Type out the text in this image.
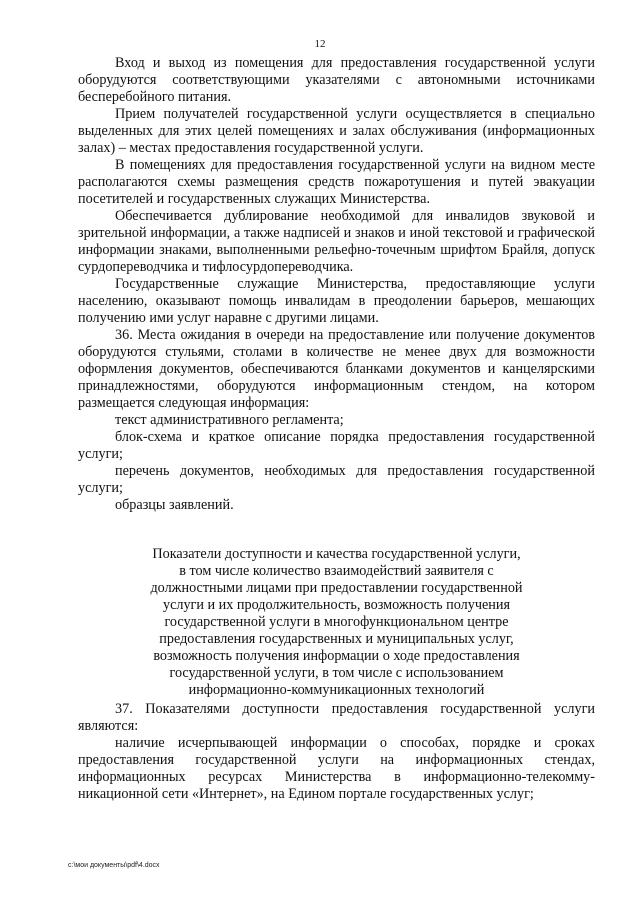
12

Вход и выход из помещения для предоставления государственной услуги оборудуются соответствующими указателями с автономными источниками бесперебойного питания.

Прием получателей государственной услуги осуществляется в специально выделенных для этих целей помещениях и залах обслуживания (информационных залах) – местах предоставления государственной услуги.

В помещениях для предоставления государственной услуги на видном месте располагаются схемы размещения средств пожаротушения и путей эвакуации посетителей и государственных служащих Министерства.

Обеспечивается дублирование необходимой для инвалидов звуковой и зрительной информации, а также надписей и знаков и иной текстовой и графической информации знаками, выполненными рельефно-точечным шрифтом Брайля, допуск сурдопереводчика и тифлосурдопереводчика.

Государственные служащие Министерства, предоставляющие услуги населению, оказывают помощь инвалидам в преодолении барьеров, мешающих получению ими услуг наравне с другими лицами.

36. Места ожидания в очереди на предоставление или получение документов оборудуются стульями, столами в количестве не менее двух для возможности оформления документов, обеспечиваются бланками документов и канцелярскими принадлежностями, оборудуются информационным стендом, на котором размещается следующая информация:

текст административного регламента;

блок-схема и краткое описание порядка предоставления государственной услуги;

перечень документов, необходимых для предоставления государственной услуги;

образцы заявлений.

Показатели доступности и качества государственной услуги,
в том числе количество взаимодействий заявителя с
должностными лицами при предоставлении государственной
услуги и их продолжительность, возможность получения
государственной услуги в многофункциональном центре
предоставления государственных и муниципальных услуг,
возможность получения информации о ходе предоставления
государственной услуги, в том числе с использованием
информационно-коммуникационных технологий

37. Показателями доступности предоставления государственной услуги являются:

наличие исчерпывающей информации о способах, порядке и сроках предоставления государственной услуги на информационных стендах, информационных ресурсах Министерства в информационно-телекомму-никационной сети «Интернет», на Едином портале государственных услуг;

c:\мои документы\pdf\4.docx
